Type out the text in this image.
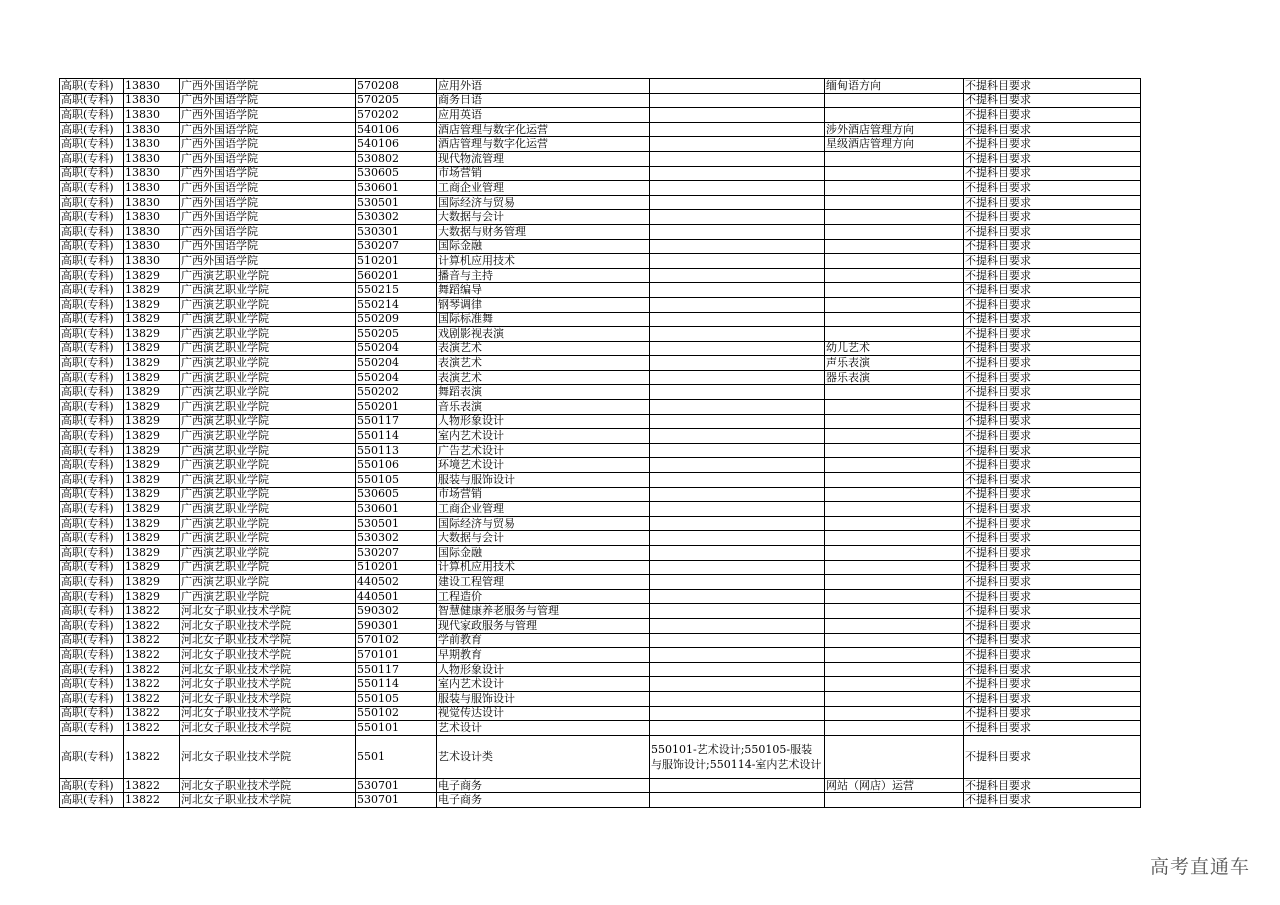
高职(专科)	13830	广西外国语学院	570208	应用外语		缅甸语方向	不提科目要求
高职(专科)	13830	广西外国语学院	570205	商务日语			不提科目要求
高职(专科)	13830	广西外国语学院	570202	应用英语			不提科目要求
高职(专科)	13830	广西外国语学院	540106	酒店管理与数字化运营		涉外酒店管理方向	不提科目要求
高职(专科)	13830	广西外国语学院	540106	酒店管理与数字化运营		星级酒店管理方向	不提科目要求
高职(专科)	13830	广西外国语学院	530802	现代物流管理			不提科目要求
高职(专科)	13830	广西外国语学院	530605	市场营销			不提科目要求
高职(专科)	13830	广西外国语学院	530601	工商企业管理			不提科目要求
高职(专科)	13830	广西外国语学院	530501	国际经济与贸易			不提科目要求
高职(专科)	13830	广西外国语学院	530302	大数据与会计			不提科目要求
高职(专科)	13830	广西外国语学院	530301	大数据与财务管理			不提科目要求
高职(专科)	13830	广西外国语学院	530207	国际金融			不提科目要求
高职(专科)	13830	广西外国语学院	510201	计算机应用技术			不提科目要求
高职(专科)	13829	广西演艺职业学院	560201	播音与主持			不提科目要求
高职(专科)	13829	广西演艺职业学院	550215	舞蹈编导			不提科目要求
高职(专科)	13829	广西演艺职业学院	550214	钢琴调律			不提科目要求
高职(专科)	13829	广西演艺职业学院	550209	国际标准舞			不提科目要求
高职(专科)	13829	广西演艺职业学院	550205	戏剧影视表演			不提科目要求
高职(专科)	13829	广西演艺职业学院	550204	表演艺术		幼儿艺术	不提科目要求
高职(专科)	13829	广西演艺职业学院	550204	表演艺术		声乐表演	不提科目要求
高职(专科)	13829	广西演艺职业学院	550204	表演艺术		器乐表演	不提科目要求
高职(专科)	13829	广西演艺职业学院	550202	舞蹈表演			不提科目要求
高职(专科)	13829	广西演艺职业学院	550201	音乐表演			不提科目要求
高职(专科)	13829	广西演艺职业学院	550117	人物形象设计			不提科目要求
高职(专科)	13829	广西演艺职业学院	550114	室内艺术设计			不提科目要求
高职(专科)	13829	广西演艺职业学院	550113	广告艺术设计			不提科目要求
高职(专科)	13829	广西演艺职业学院	550106	环境艺术设计			不提科目要求
高职(专科)	13829	广西演艺职业学院	550105	服装与服饰设计			不提科目要求
高职(专科)	13829	广西演艺职业学院	530605	市场营销			不提科目要求
高职(专科)	13829	广西演艺职业学院	530601	工商企业管理			不提科目要求
高职(专科)	13829	广西演艺职业学院	530501	国际经济与贸易			不提科目要求
高职(专科)	13829	广西演艺职业学院	530302	大数据与会计			不提科目要求
高职(专科)	13829	广西演艺职业学院	530207	国际金融			不提科目要求
高职(专科)	13829	广西演艺职业学院	510201	计算机应用技术			不提科目要求
高职(专科)	13829	广西演艺职业学院	440502	建设工程管理			不提科目要求
高职(专科)	13829	广西演艺职业学院	440501	工程造价			不提科目要求
高职(专科)	13822	河北女子职业技术学院	590302	智慧健康养老服务与管理			不提科目要求
高职(专科)	13822	河北女子职业技术学院	590301	现代家政服务与管理			不提科目要求
高职(专科)	13822	河北女子职业技术学院	570102	学前教育			不提科目要求
高职(专科)	13822	河北女子职业技术学院	570101	早期教育			不提科目要求
高职(专科)	13822	河北女子职业技术学院	550117	人物形象设计			不提科目要求
高职(专科)	13822	河北女子职业技术学院	550114	室内艺术设计			不提科目要求
高职(专科)	13822	河北女子职业技术学院	550105	服装与服饰设计			不提科目要求
高职(专科)	13822	河北女子职业技术学院	550102	视觉传达设计			不提科目要求
高职(专科)	13822	河北女子职业技术学院	550101	艺术设计			不提科目要求
高职(专科)	13822	河北女子职业技术学院	5501	艺术设计类	550101-艺术设计;550105-服装与服饰设计;550114-室内艺术设计		不提科目要求
高职(专科)	13822	河北女子职业技术学院	530701	电子商务		网站（网店）运营	不提科目要求
高职(专科)	13822	河北女子职业技术学院	530701	电子商务			不提科目要求
高考直通车
